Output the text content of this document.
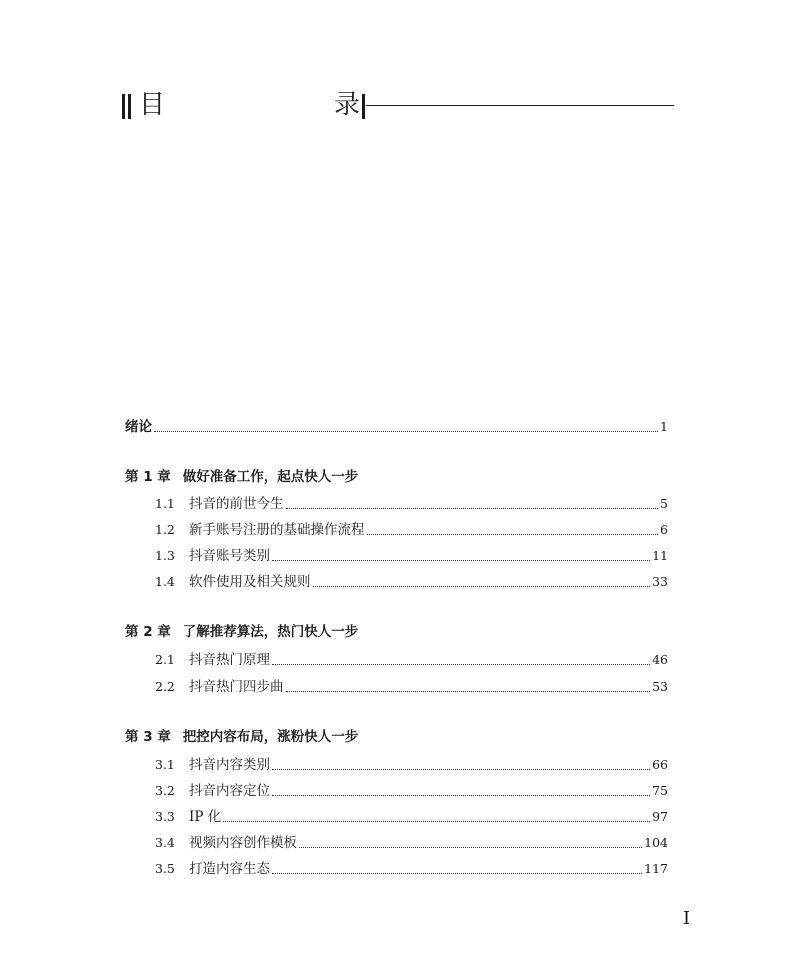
目	录
绪论	1
第 1 章 做好准备工作，起点快人一步
1.1	抖音的前世今生	5
1.2	新手账号注册的基础操作流程	6
1.3	抖音账号类别	11
1.4	软件使用及相关规则	33
第 2 章 了解推荐算法，热门快人一步
2.1	抖音热门原理	46
2.2	抖音热门四步曲	53
第 3 章 把控内容布局，涨粉快人一步
3.1	抖音内容类别	66
3.2	抖音内容定位	75
3.3	IP 化	97
3.4	视频内容创作模板	104
3.5	打造内容生态	117
I
